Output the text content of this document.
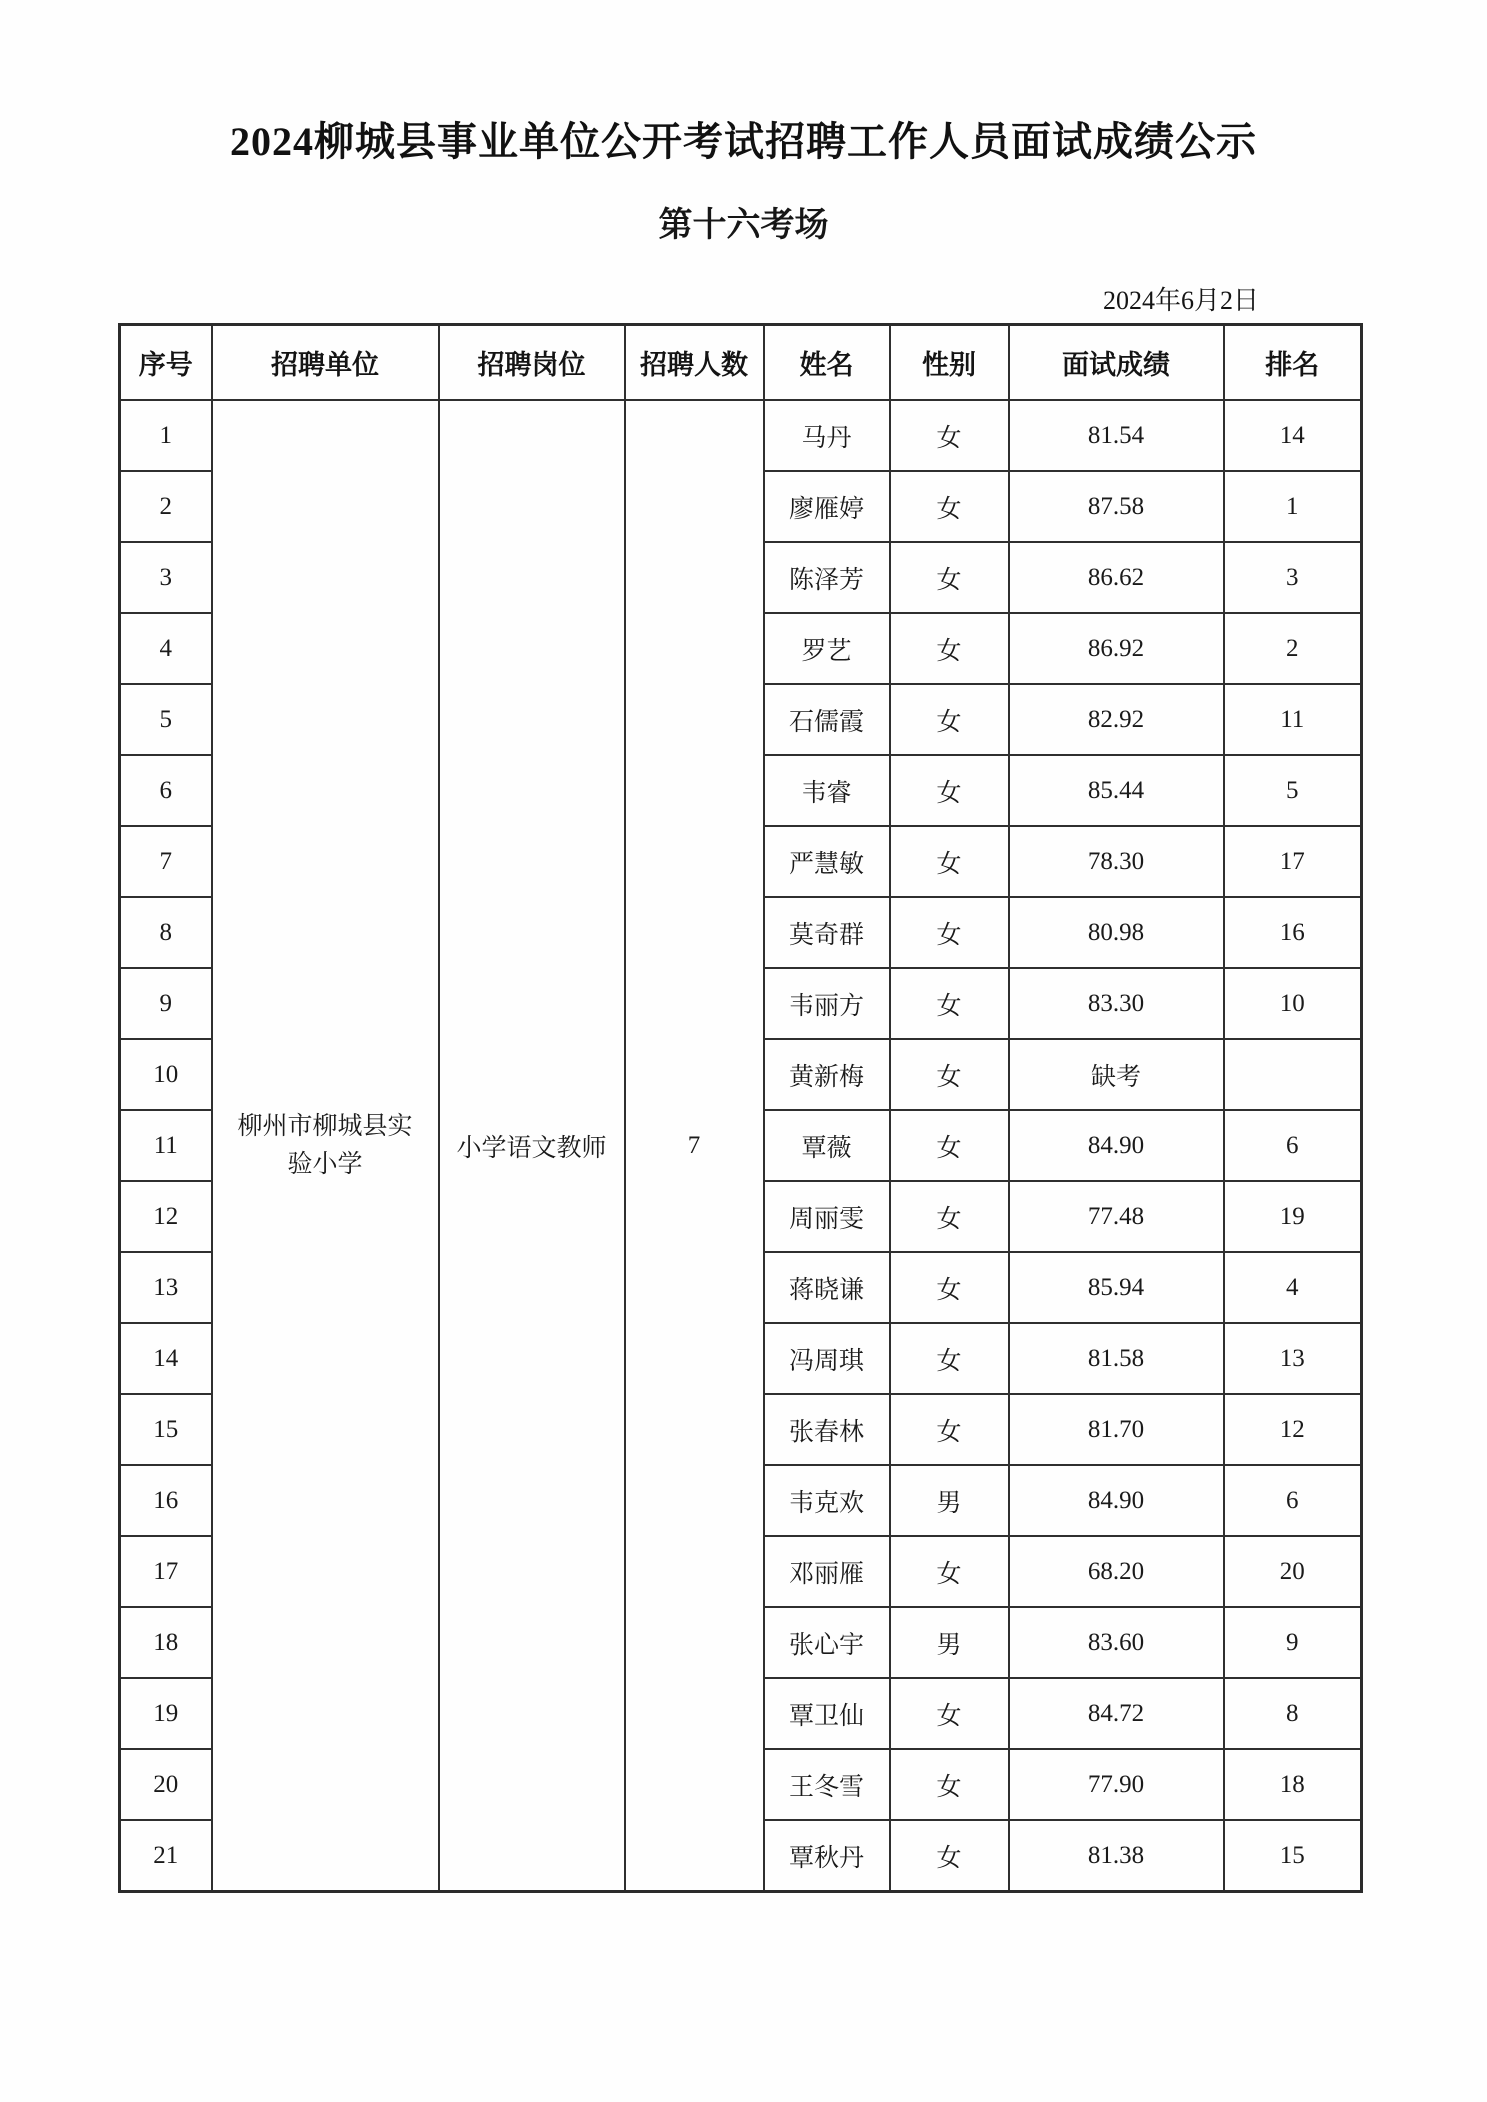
2024柳城县事业单位公开考试招聘工作人员面试成绩公示
第十六考场
2024年6月2日
序号	招聘单位	招聘岗位	招聘人数	姓名	性别	面试成绩	排名
1	柳州市柳城县实验小学	小学语文教师	7	马丹	女	81.54	14
2				廖雁婷	女	87.58	1
3				陈泽芳	女	86.62	3
4				罗艺	女	86.92	2
5				石儒霞	女	82.92	11
6				韦睿	女	85.44	5
7				严慧敏	女	78.30	17
8				莫奇群	女	80.98	16
9				韦丽方	女	83.30	10
10				黄新梅	女	缺考	
11				覃薇	女	84.90	6
12				周丽雯	女	77.48	19
13				蒋晓谦	女	85.94	4
14				冯周琪	女	81.58	13
15				张春林	女	81.70	12
16				韦克欢	男	84.90	6
17				邓丽雁	女	68.20	20
18				张心宇	男	83.60	9
19				覃卫仙	女	84.72	8
20				王冬雪	女	77.90	18
21				覃秋丹	女	81.38	15
